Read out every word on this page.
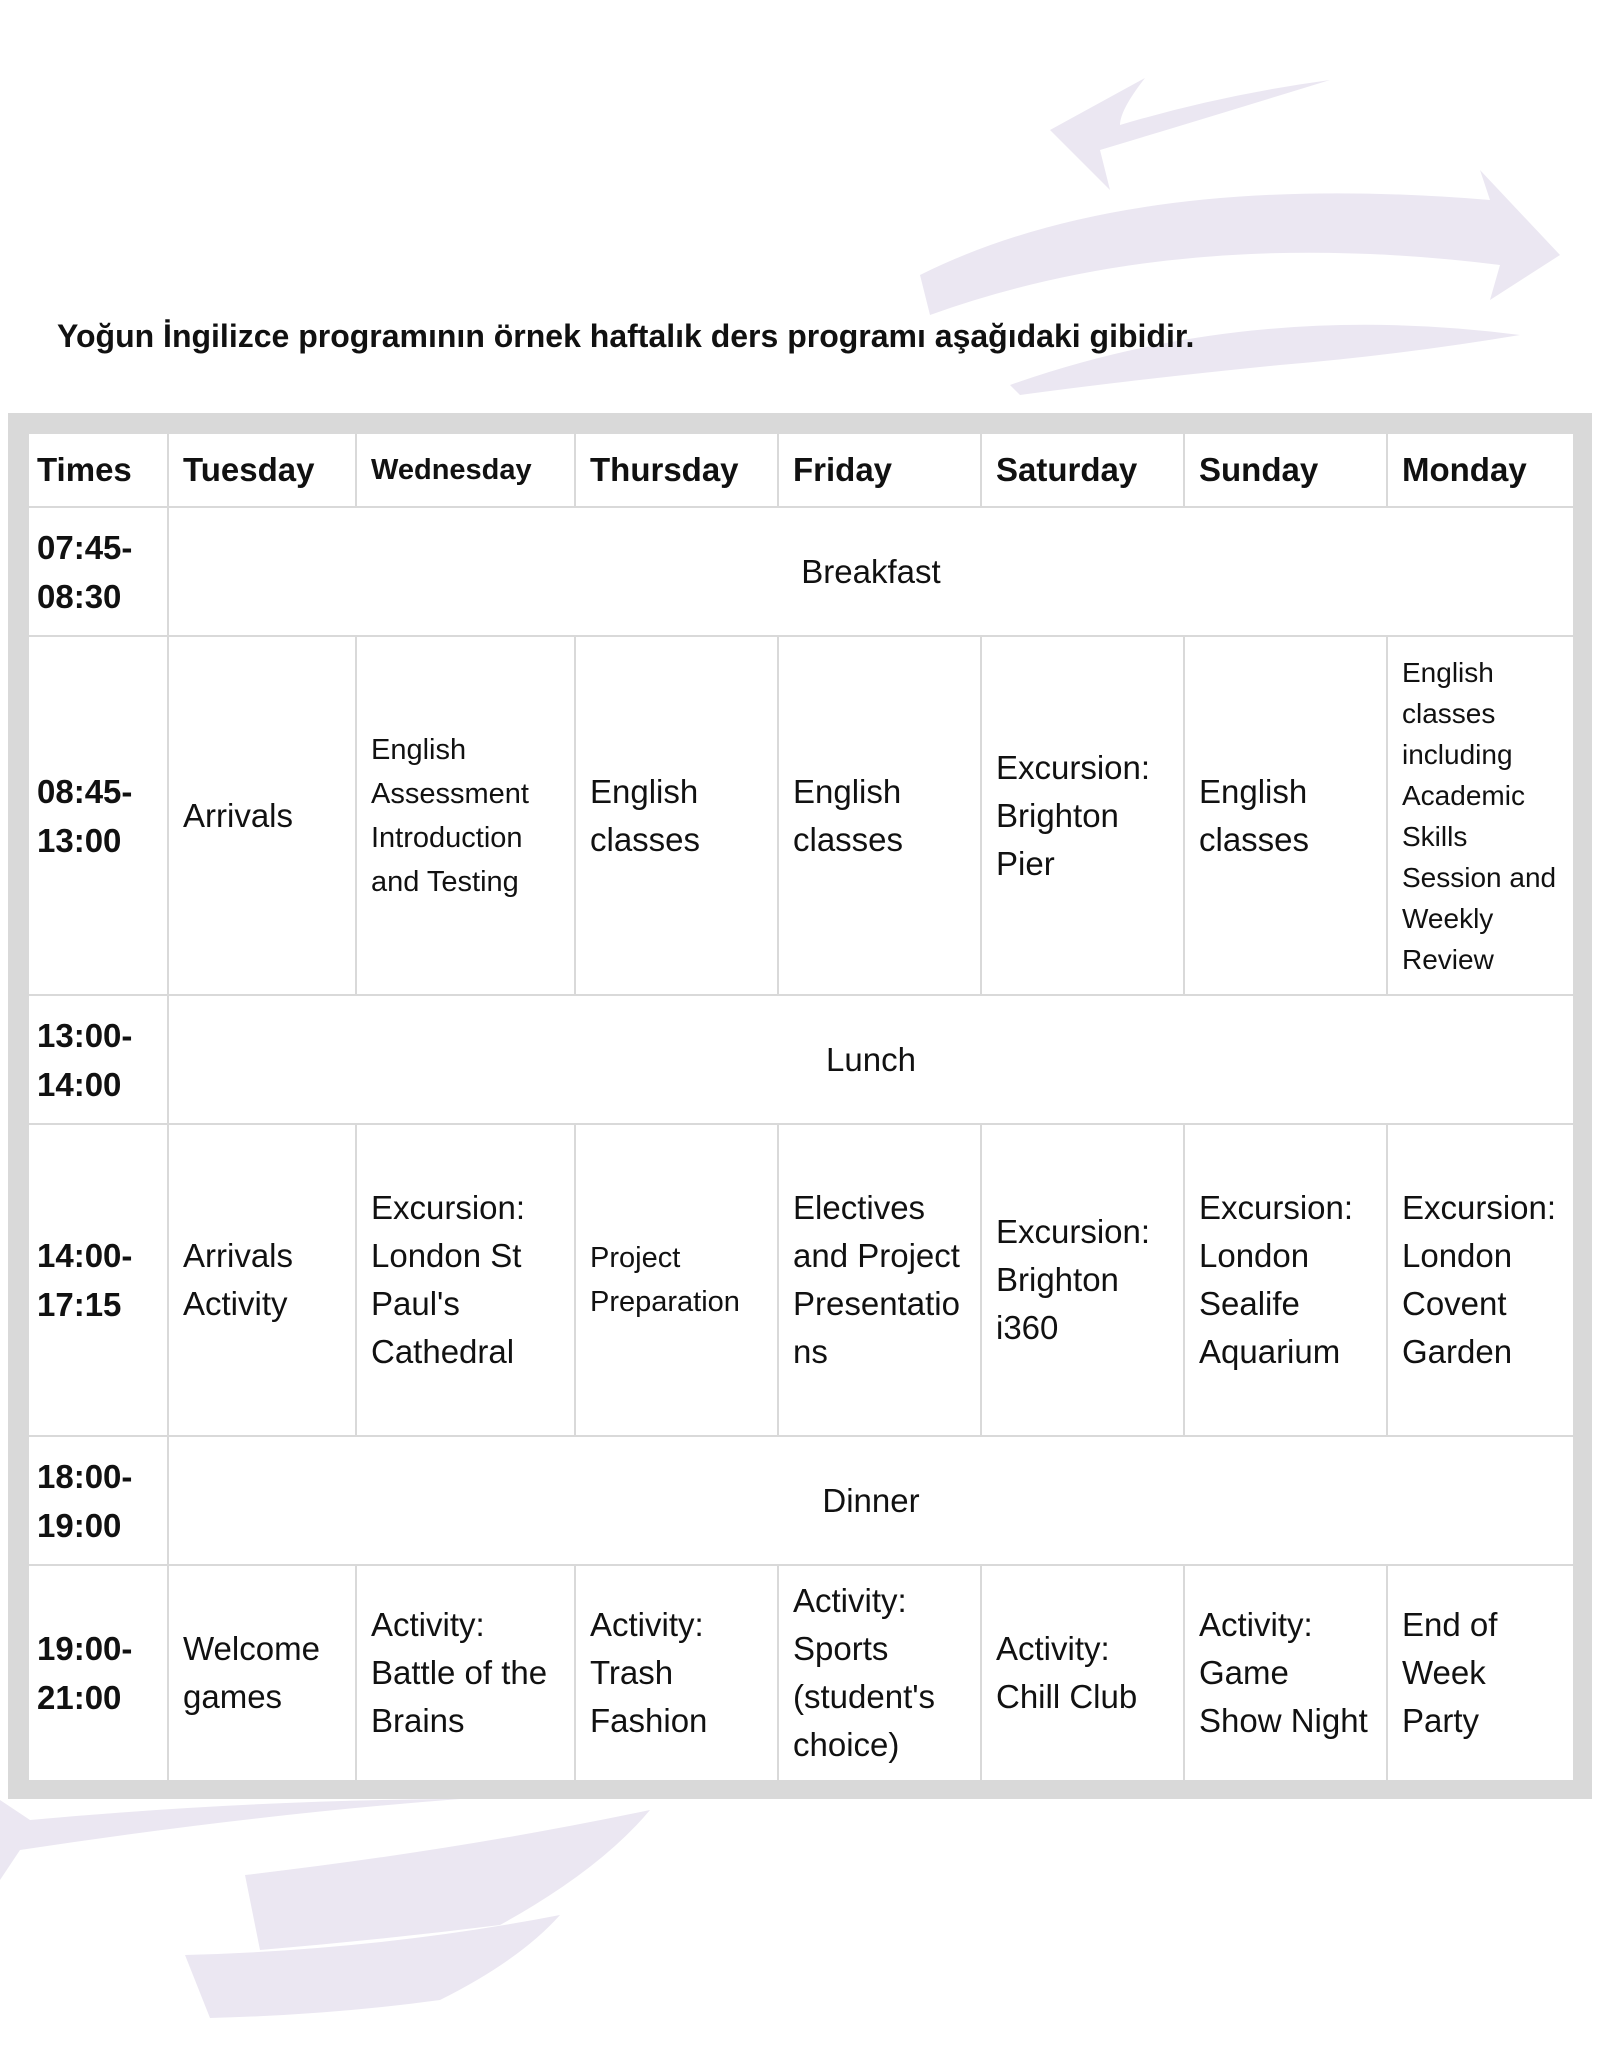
Yoğun İngilizce programının örnek haftalık ders programı aşağıdaki gibidir.

Times	Tuesday	Wednesday	Thursday	Friday	Saturday	Sunday	Monday
07:45-08:30	Breakfast						
08:45-13:00	Arrivals	English Assessment Introduction and Testing	English classes	English classes	Excursion: Brighton Pier	English classes	English classes including Academic Skills Session and Weekly Review
13:00-14:00	Lunch						
14:00-17:15	Arrivals Activity	Excursion: London St Paul's Cathedral	Project Preparation	Electives and Project Presentations	Excursion: Brighton i360	Excursion: London Sealife Aquarium	Excursion: London Covent Garden
18:00-19:00	Dinner						
19:00-21:00	Welcome games	Activity: Battle of the Brains	Activity: Trash Fashion	Activity: Sports (student's choice)	Activity: Chill Club	Activity: Game Show Night	End of Week Party
